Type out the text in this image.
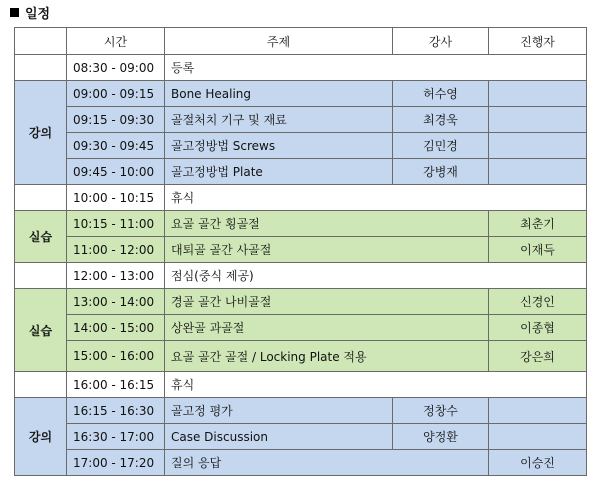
일정
	시간	주제	강사	진행자
	08:30 - 09:00	등록		
강의	09:00 - 09:15	Bone Healing	허수영	
	09:15 - 09:30	골절처치 기구 및 재료	최경욱	
	09:30 - 09:45	골고정방법 Screws	김민경	
	09:45 - 10:00	골고정방법 Plate	강병재	
	10:00 - 10:15	휴식		
실습	10:15 - 11:00	요골 골간 횡골절		최춘기
	11:00 - 12:00	대퇴골 골간 사골절		이재득
	12:00 - 13:00	점심(중식 제공)		
실습	13:00 - 14:00	경골 골간 나비골절		신경인
	14:00 - 15:00	상완골 과골절		이종협
	15:00 - 16:00	요골 골간 골절 / Locking Plate 적용		강은희
	16:00 - 16:15	휴식		
강의	16:15 - 16:30	골고정 평가	정창수	
	16:30 - 17:00	Case Discussion	양정환	
	17:00 - 17:20	질의 응답		이승진
